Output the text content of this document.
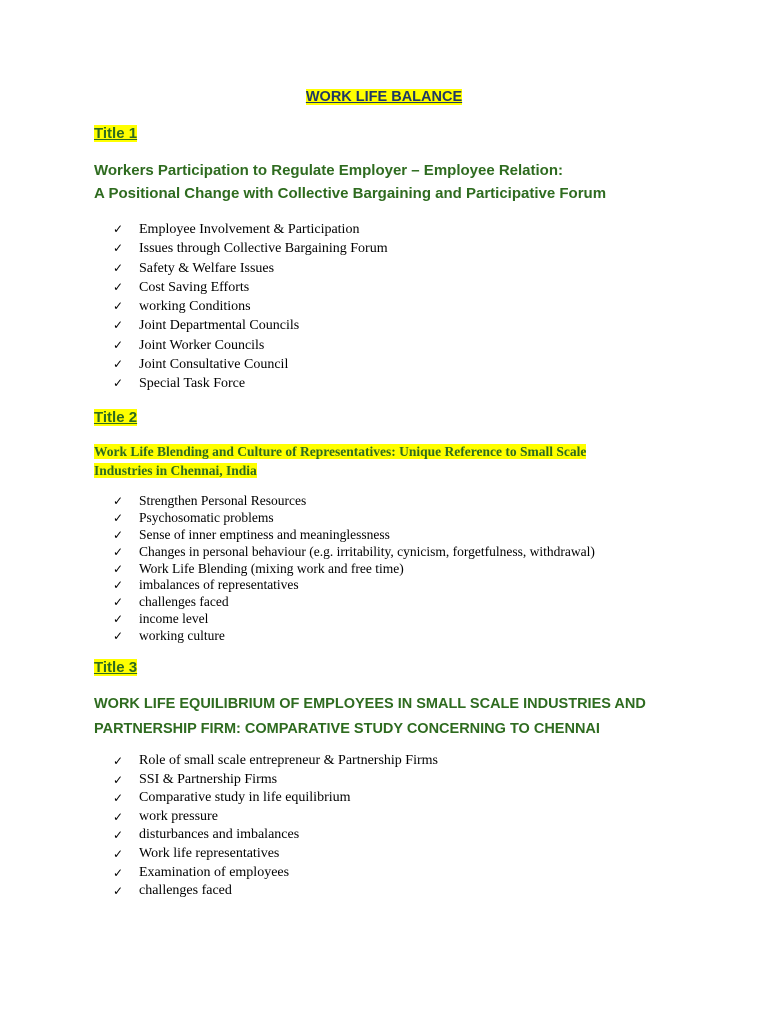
WORK LIFE BALANCE
Title 1
Workers Participation to Regulate Employer – Employee Relation:
A Positional Change with Collective Bargaining and Participative Forum
✓ Employee Involvement & Participation
✓ Issues through Collective Bargaining Forum
✓ Safety & Welfare Issues
✓ Cost Saving Efforts
✓ working Conditions
✓ Joint Departmental Councils
✓ Joint Worker Councils
✓ Joint Consultative Council
✓ Special Task Force
Title 2
Work Life Blending and Culture of Representatives: Unique Reference to Small Scale
Industries in Chennai, India
✓ Strengthen Personal Resources
✓ Psychosomatic problems
✓ Sense of inner emptiness and meaninglessness
✓ Changes in personal behaviour (e.g. irritability, cynicism, forgetfulness, withdrawal)
✓ Work Life Blending (mixing work and free time)
✓ imbalances of representatives
✓ challenges faced
✓ income level
✓ working culture
Title 3
WORK LIFE EQUILIBRIUM OF EMPLOYEES IN SMALL SCALE INDUSTRIES AND
PARTNERSHIP FIRM: COMPARATIVE STUDY CONCERNING TO CHENNAI
✓ Role of small scale entrepreneur & Partnership Firms
✓ SSI & Partnership Firms
✓ Comparative study in life equilibrium
✓ work pressure
✓ disturbances and imbalances
✓ Work life representatives
✓ Examination of employees
✓ challenges faced
